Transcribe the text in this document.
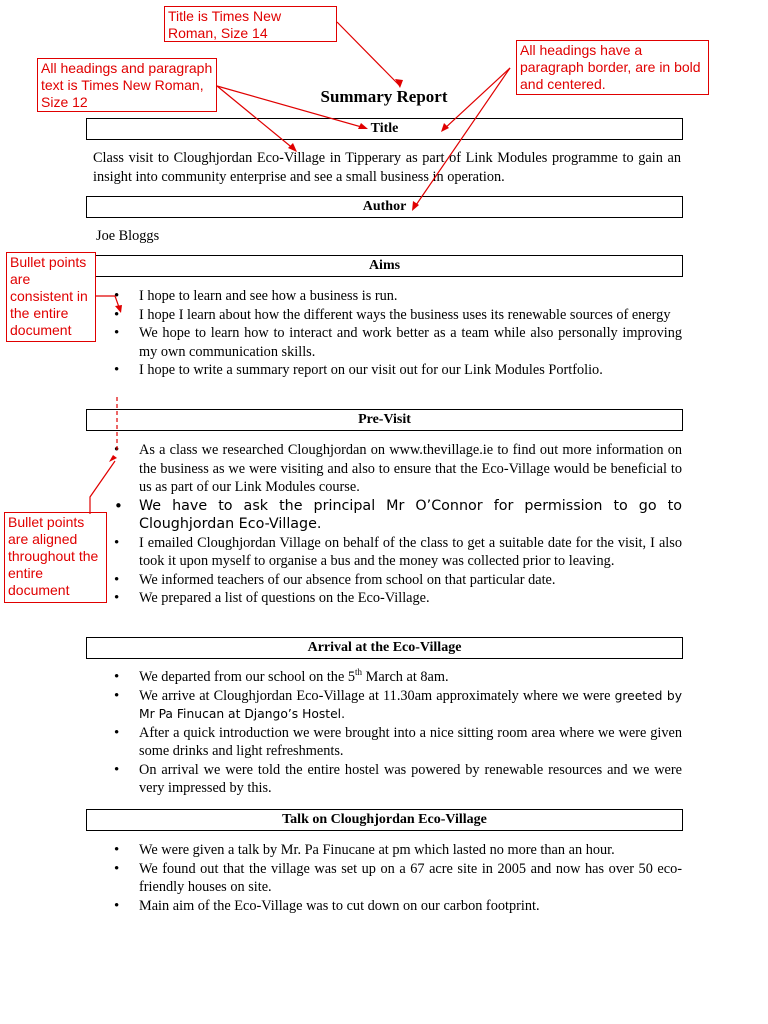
Summary Report
Title
Class visit to Cloughjordan Eco-Village in Tipperary as part of Link Modules programme to gain an insight into community enterprise and see a small business in operation.
Author
Joe Bloggs
Aims
• I hope to learn and see how a business is run.
• I hope I learn about how the different ways the business uses its renewable sources of energy
• We hope to learn how to interact and work better as a team while also personally improving my own communication skills.
• I hope to write a summary report on our visit out for our Link Modules Portfolio.
Pre-Visit
• As a class we researched Cloughjordan on www.thevillage.ie to find out more information on the business as we were visiting and also to ensure that the Eco-Village would be beneficial to us as part of our Link Modules course.
• We have to ask the principal Mr O’Connor for permission to go to Cloughjordan Eco-Village.
• I emailed Cloughjordan Village on behalf of the class to get a suitable date for the visit, I also took it upon myself to organise a bus and the money was collected prior to leaving.
• We informed teachers of our absence from school on that particular date.
• We prepared a list of questions on the Eco-Village.
Arrival at the Eco-Village
• We departed from our school on the 5th March at 8am.
• We arrive at Cloughjordan Eco-Village at 11.30am approximately where we were greeted by Mr Pa Finucan at Django’s Hostel.
• After a quick introduction we were brought into a nice sitting room area where we were given some drinks and light refreshments.
• On arrival we were told the entire hostel was powered by renewable resources and we were very impressed by this.
Talk on Cloughjordan Eco-Village
• We were given a talk by Mr. Pa Finucane at pm which lasted no more than an hour.
• We found out that the village was set up on a 67 acre site in 2005 and now has over 50 eco-friendly houses on site.
• Main aim of the Eco-Village was to cut down on our carbon footprint.
Title is Times New Roman, Size 14
All headings and paragraph text is Times New Roman, Size 12
All headings have a paragraph border, are in bold and centered.
Bullet points are consistent in the entire document
Bullet points are aligned throughout the entire document
